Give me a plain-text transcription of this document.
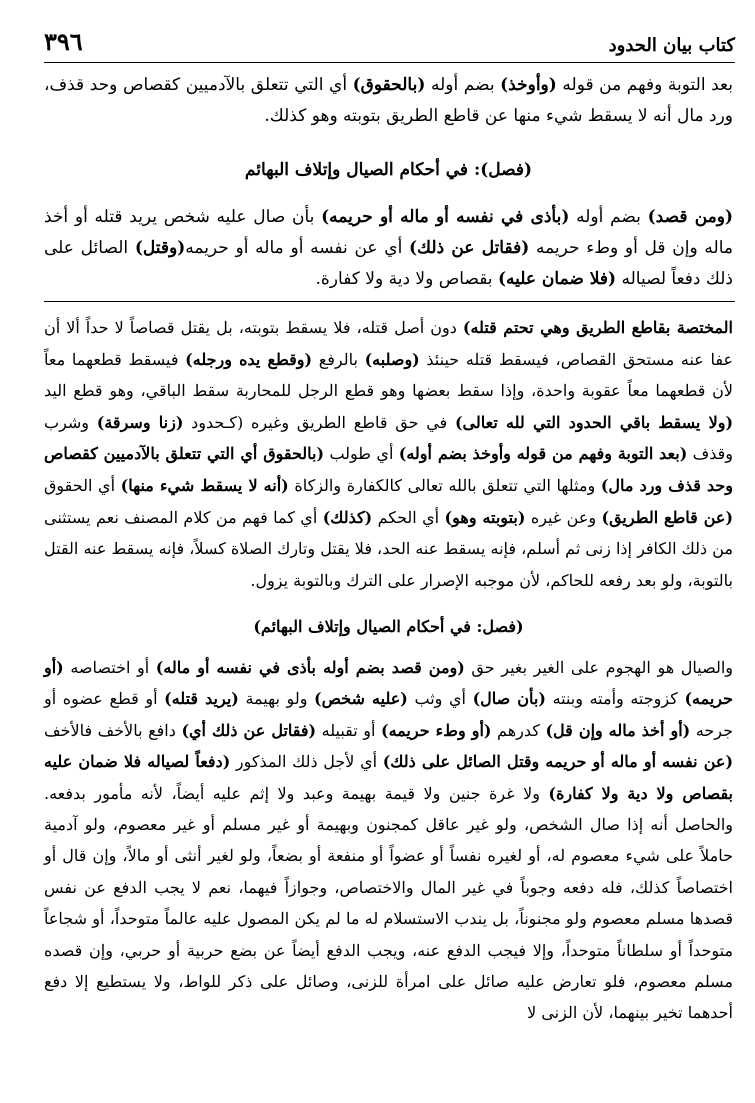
كتاب بيان الحدود
٣٩٦

بعد التوبة وفهم من قوله (وأوخذ) بضم أوله (بالحقوق) أي التي تتعلق بالآدميين كقصاص وحد قذف، ورد مال أنه لا يسقط شيء منها عن قاطع الطريق بتوبته وهو كذلك.

(فصل): في أحكام الصيال وإتلاف البهائم

(ومن قصد) بضم أوله (بأذى في نفسه أو ماله أو حريمه) بأن صال عليه شخص يريد قتله أو أخذ ماله وإن قل أو وطء حريمه (فقاتل عن ذلك) أي عن نفسه أو ماله أو حريمه(وقتل) الصائل على ذلك دفعاً لصياله (فلا ضمان عليه) بقصاص ولا دية ولا كفارة.

المختصة بقاطع الطريق وهي تحتم قتله) دون أصل قتله، فلا يسقط بتوبته، بل يقتل قصاصاً لا حداً ألا أن عفا عنه مستحق القصاص، فيسقط قتله حينئذ (وصلبه) بالرفع (وقطع يده ورجله) فيسقط قطعهما معاً لأن قطعهما معاً عقوبة واحدة، وإذا سقط بعضها وهو قطع الرجل للمحاربة سقط الباقي، وهو قطع اليد (ولا يسقط باقي الحدود التي لله تعالى) في حق قاطع الطريق وغيره (كـحدود (زنا وسرقة) وشرب وقذف (بعد التوبة وفهم من قوله وأوخذ بضم أوله) أي طولب (بالحقوق أي التي تتعلق بالآدميين كقصاص وحد قذف ورد مال) ومثلها التي تتعلق بالله تعالى كالكفارة والزكاة (أنه لا يسقط شيء منها) أي الحقوق (عن قاطع الطريق) وعن غيره (بتوبته وهو) أي الحكم (كذلك) أي كما فهم من كلام المصنف نعم يستثنى من ذلك الكافر إذا زنى ثم أسلم، فإنه يسقط عنه الحد، فلا يقتل وتارك الصلاة كسلاً، فإنه يسقط عنه القتل بالتوبة، ولو بعد رفعه للحاكم، لأن موجبه الإصرار على الترك وبالتوبة يزول.

(فصل: في أحكام الصيال وإتلاف البهائم)

والصيال هو الهجوم على الغير بغير حق (ومن قصد بضم أوله بأذى في نفسه أو ماله) أو اختصاصه (أو حريمه) كزوجته وأمته وبنته (بأن صال) أي وثب (عليه شخص) ولو بهيمة (يريد قتله) أو قطع عضوه أو جرحه (أو أخذ ماله وإن قل) كدرهم (أو وطء حريمه) أو تقبيله (فقاتل عن ذلك أي) دافع بالأخف فالأخف (عن نفسه أو ماله أو حريمه وقتل الصائل على ذلك) أي لأجل ذلك المذكور (دفعاً لصياله فلا ضمان عليه بقصاص ولا دية ولا كفارة) ولا غرة جنين ولا قيمة بهيمة وعبد ولا إثم عليه أيضاً، لأنه مأمور بدفعه. والحاصل أنه إذا صال الشخص، ولو غير عاقل كمجنون وبهيمة أو غير مسلم أو غير معصوم، ولو آدمية حاملاً على شيء معصوم له، أو لغيره نفساً أو عضواً أو منفعة أو بضعاً، ولو لغير أنثى أو مالاً، وإن قال أو اختصاصاً كذلك، فله دفعه وجوباً في غير المال والاختصاص، وجوازاً فيهما، نعم لا يجب الدفع عن نفس قصدها مسلم معصوم ولو مجنوناً، بل يندب الاستسلام له ما لم يكن المصول عليه عالماً متوحداً، أو شجاعاً متوحداً أو سلطاناً متوحداً، وإلا فيجب الدفع عنه، ويجب الدفع أيضاً عن بضع حربية أو حربي، وإن قصده مسلم معصوم، فلو تعارض عليه صائل على امرأة للزنى، وصائل على ذكر للواط، ولا يستطيع إلا دفع أحدهما تخير بينهما، لأن الزنى لا
